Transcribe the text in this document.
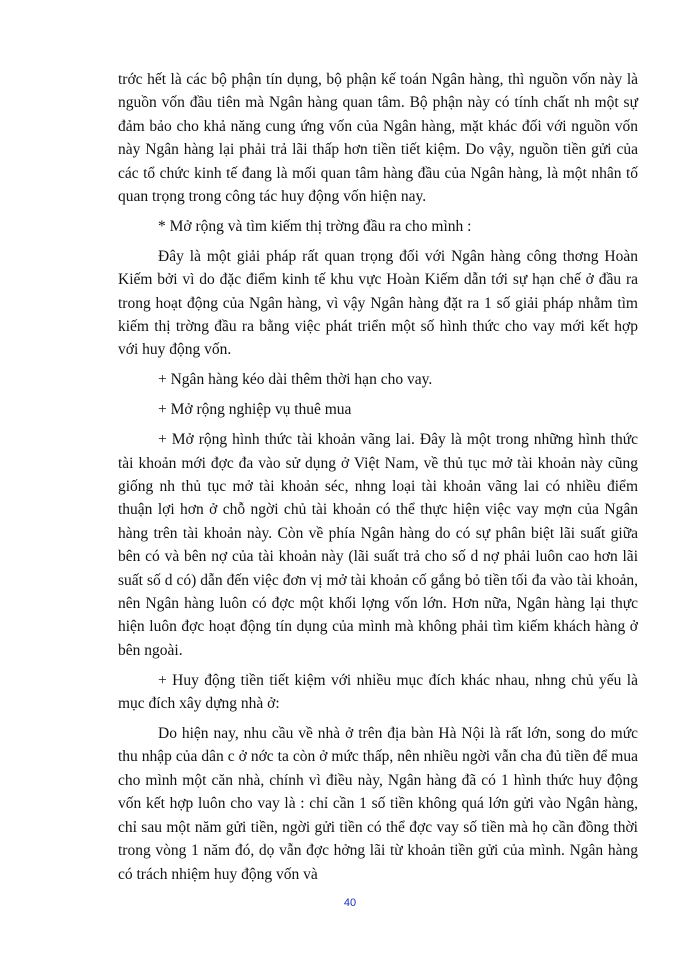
trớc hết là các bộ phận tín dụng, bộ phận kế toán Ngân hàng, thì nguồn vốn này là nguồn vốn đầu tiên mà Ngân hàng quan tâm. Bộ phận này có tính chất nh một sự đảm bảo cho khả năng cung ứng vốn của Ngân hàng, mặt khác đối với nguồn vốn này Ngân hàng lại phải trả lãi thấp hơn tiền tiết kiệm. Do vậy, nguồn tiền gửi của các tổ chức kinh tế đang là mối quan tâm hàng đầu của Ngân hàng, là một nhân tố quan trọng trong công tác huy động vốn hiện nay.

* Mở rộng và tìm kiếm thị trờng đầu ra cho mình :

Đây là một giải pháp rất quan trọng đối với Ngân hàng công thơng Hoàn Kiếm bởi vì do đặc điểm kinh tế khu vực Hoàn Kiếm dẫn tới sự hạn chế ở đầu ra trong hoạt động của Ngân hàng, vì vậy Ngân hàng đặt ra 1 số giải pháp nhằm tìm kiếm thị trờng đầu ra bằng việc phát triển một số hình thức cho vay mới kết hợp với huy động vốn.

+ Ngân hàng kéo dài thêm thời hạn cho vay.

+ Mở rộng nghiệp vụ thuê mua

+ Mở rộng hình thức tài khoản vãng lai. Đây là một trong những hình thức tài khoản mới đợc đa vào sử dụng ở Việt Nam, về thủ tục mở tài khoản này cũng giống nh thủ tục mở tài khoản séc, nhng loại tài khoản vãng lai có nhiều điểm thuận lợi hơn ở chỗ ngời chủ tài khoản có thể thực hiện việc vay mợn của Ngân hàng trên tài khoản này. Còn về phía Ngân hàng do có sự phân biệt lãi suất giữa bên có và bên nợ của tài khoản này (lãi suất trả cho số d nợ phải luôn cao hơn lãi suất số d có) dẫn đến việc đơn vị mở tài khoản cố gắng bỏ tiền tối đa vào tài khoản, nên Ngân hàng luôn có đợc một khối lợng vốn lớn. Hơn nữa, Ngân hàng lại thực hiện luôn đợc hoạt động tín dụng của mình mà không phải tìm kiếm khách hàng ở bên ngoài.

+ Huy động tiền tiết kiệm với nhiều mục đích khác nhau, nhng chủ yếu là mục đích xây dựng nhà ở:

Do hiện nay, nhu cầu về nhà ở trên địa bàn Hà Nội là rất lớn, song do mức thu nhập của dân c ở nớc ta còn ở mức thấp, nên nhiều ngời vẫn cha đủ tiền để mua cho mình một căn nhà, chính vì điều này, Ngân hàng đã có 1 hình thức huy động vốn kết hợp luôn cho vay là : chỉ cần 1 số tiền không quá lớn gửi vào Ngân hàng, chỉ sau một năm gửi tiền, ngời gửi tiền có thể đợc vay số tiền mà họ cần đồng thời trong vòng 1 năm đó, dọ vẫn đợc hởng lãi từ khoản tiền gửi của mình. Ngân hàng có trách nhiệm huy động vốn và

40
